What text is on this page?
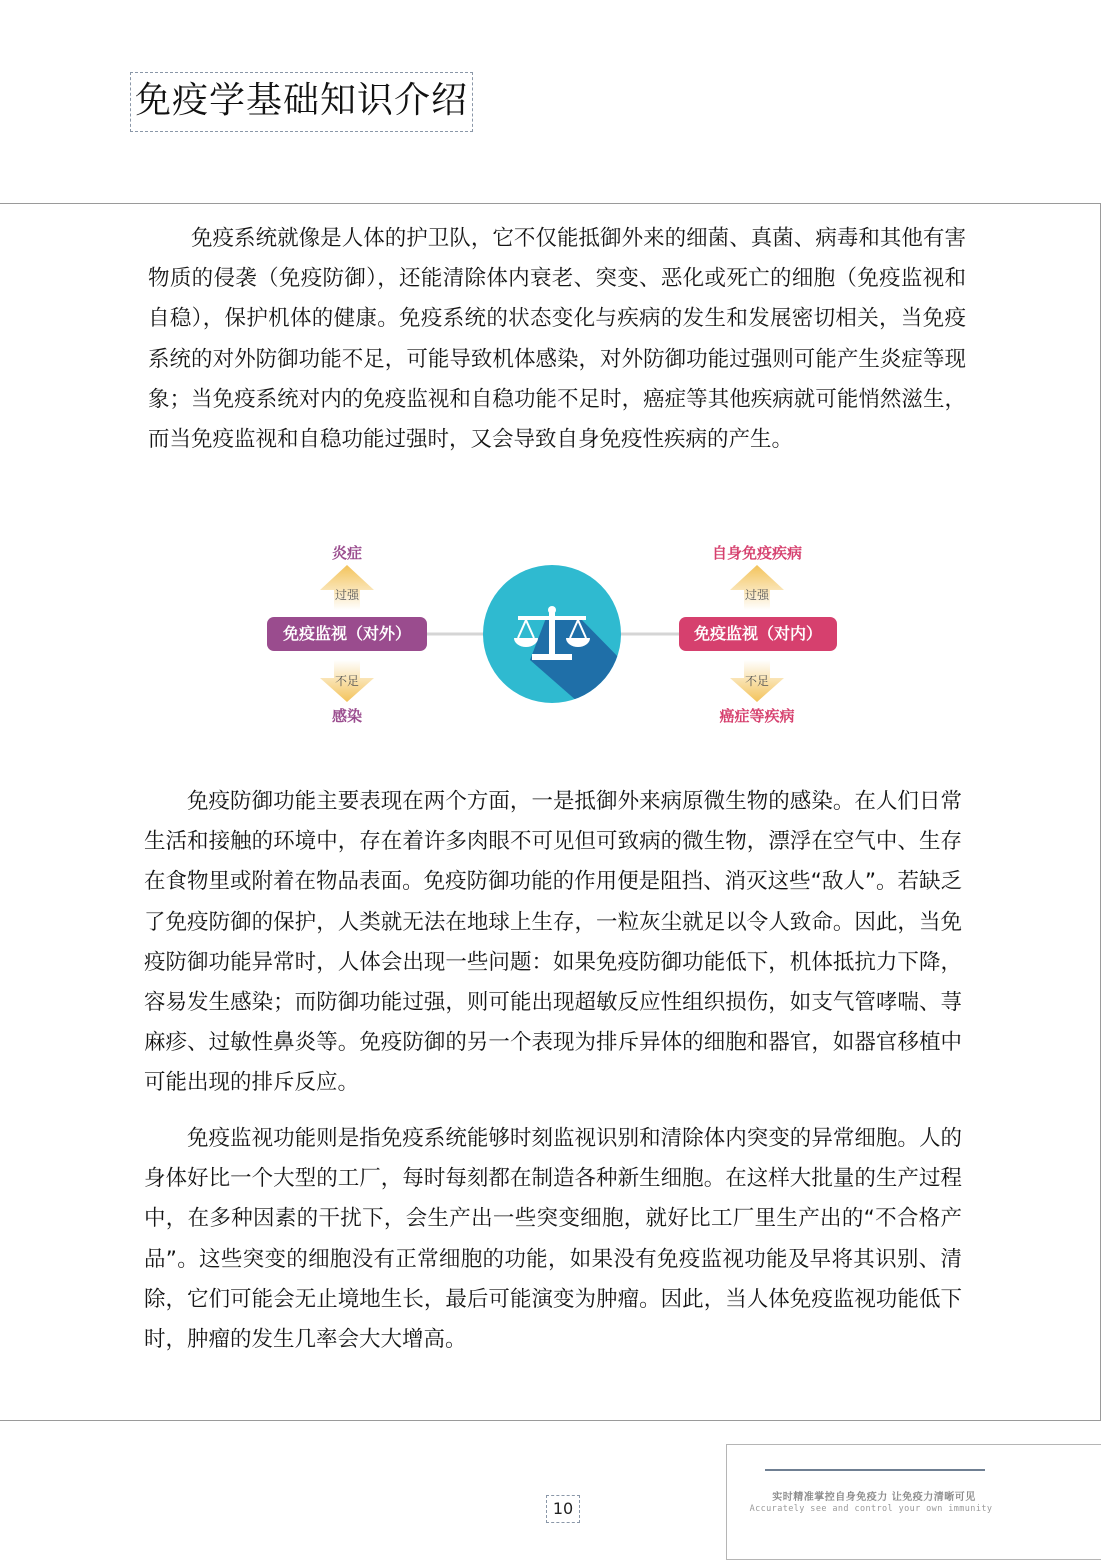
免疫学基础知识介绍

免疫系统就像是人体的护卫队，它不仅能抵御外来的细菌、真菌、病毒和其他有害物质的侵袭（免疫防御），还能清除体内衰老、突变、恶化或死亡的细胞（免疫监视和自稳），保护机体的健康。免疫系统的状态变化与疾病的发生和发展密切相关，当免疫系统的对外防御功能不足，可能导致机体感染，对外防御功能过强则可能产生炎症等现象；当免疫系统对内的免疫监视和自稳功能不足时，癌症等其他疾病就可能悄然滋生，而当免疫监视和自稳功能过强时，又会导致自身免疫性疾病的产生。

炎症
过强
免疫监视（对外）
不足
感染
自身免疫疾病
过强
免疫监视（对内）
不足
癌症等疾病

免疫防御功能主要表现在两个方面，一是抵御外来病原微生物的感染。在人们日常生活和接触的环境中，存在着许多肉眼不可见但可致病的微生物，漂浮在空气中、生存在食物里或附着在物品表面。免疫防御功能的作用便是阻挡、消灭这些“敌人”。若缺乏了免疫防御的保护，人类就无法在地球上生存，一粒灰尘就足以令人致命。因此，当免疫防御功能异常时，人体会出现一些问题：如果免疫防御功能低下，机体抵抗力下降，容易发生感染；而防御功能过强，则可能出现超敏反应性组织损伤，如支气管哮喘、荨麻疹、过敏性鼻炎等。免疫防御的另一个表现为排斥异体的细胞和器官，如器官移植中可能出现的排斥反应。

免疫监视功能则是指免疫系统能够时刻监视识别和清除体内突变的异常细胞。人的身体好比一个大型的工厂，每时每刻都在制造各种新生细胞。在这样大批量的生产过程中，在多种因素的干扰下，会生产出一些突变细胞，就好比工厂里生产出的“不合格产品”。这些突变的细胞没有正常细胞的功能，如果没有免疫监视功能及早将其识别、清除，它们可能会无止境地生长，最后可能演变为肿瘤。因此，当人体免疫监视功能低下时，肿瘤的发生几率会大大增高。

10
实时精准掌控自身免疫力 让免疫力清晰可见
Accurately see and control your own immunity
